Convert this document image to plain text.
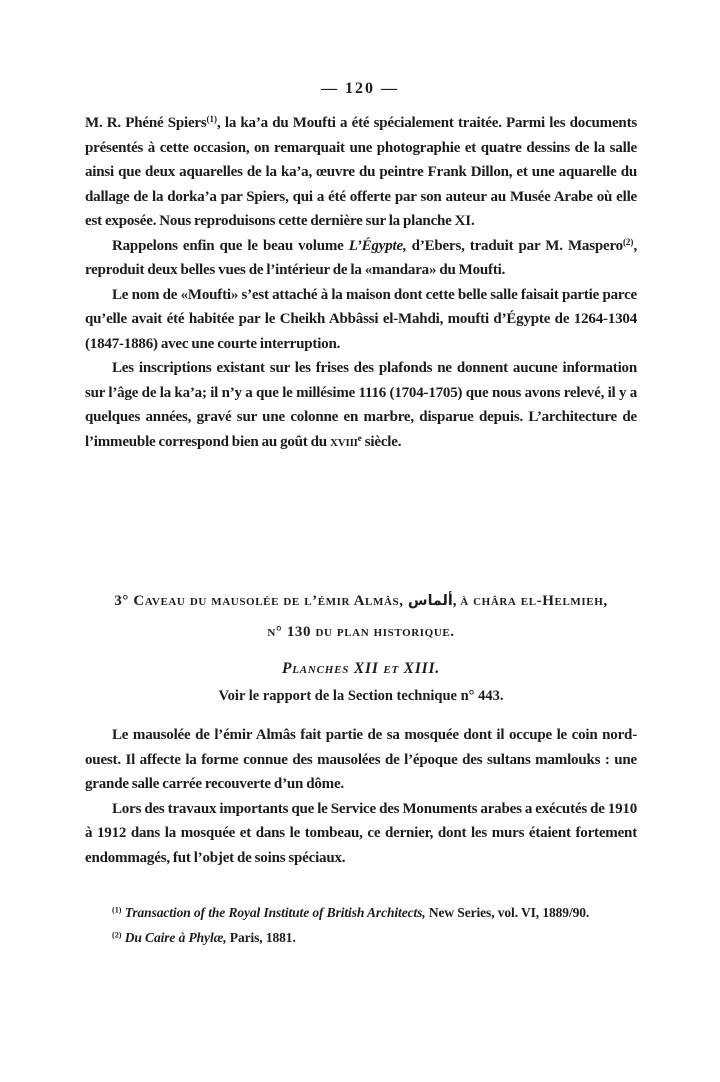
— 120 —

M. R. Phéné Spiers$^{(1)}$, la ka’a du Moufti a été spécialement traitée. Parmi les documents présentés à cette occasion, on remarquait une photographie et quatre dessins de la salle ainsi que deux aquarelles de la ka’a, œuvre du peintre Frank Dillon, et une aquarelle du dallage de la dorka’a par Spiers, qui a été offerte par son auteur au Musée Arabe où elle est exposée. Nous reproduisons cette dernière sur la planche XI.

Rappelons enfin que le beau volume L’Égypte, d’Ebers, traduit par M. Maspero$^{(2)}$, reproduit deux belles vues de l’intérieur de la «mandara» du Moufti.

Le nom de «Moufti» s’est attaché à la maison dont cette belle salle faisait partie parce qu’elle avait été habitée par le Cheikh Abbâssi el-Mahdi, moufti d’Égypte de 1264-1304 (1847-1886) avec une courte interruption.

Les inscriptions existant sur les frises des plafonds ne donnent aucune information sur l’âge de la ka’a; il n’y a que le millésime 1116 (1704-1705) que nous avons relevé, il y a quelques années, gravé sur une colonne en marbre, disparue depuis. L’architecture de l’immeuble correspond bien au goût du xviii$^e$ siècle.

3° Caveau du mausolée de l’émir Almâs, ألماس, à châra el-Helmieh,
n° 130 du plan historique.
Planches XII et XIII.
Voir le rapport de la Section technique n° 443.

Le mausolée de l’émir Almâs fait partie de sa mosquée dont il occupe le coin nord-ouest. Il affecte la forme connue des mausolées de l’époque des sultans mamlouks : une grande salle carrée recouverte d’un dôme.

Lors des travaux importants que le Service des Monuments arabes a exécutés de 1910 à 1912 dans la mosquée et dans le tombeau, ce dernier, dont les murs étaient fortement endommagés, fut l’objet de soins spéciaux.

$^{(1)}$ Transaction of the Royal Institute of British Architects, New Series, vol. VI, 1889/90.

$^{(2)}$ Du Caire à Phylæ, Paris, 1881.
